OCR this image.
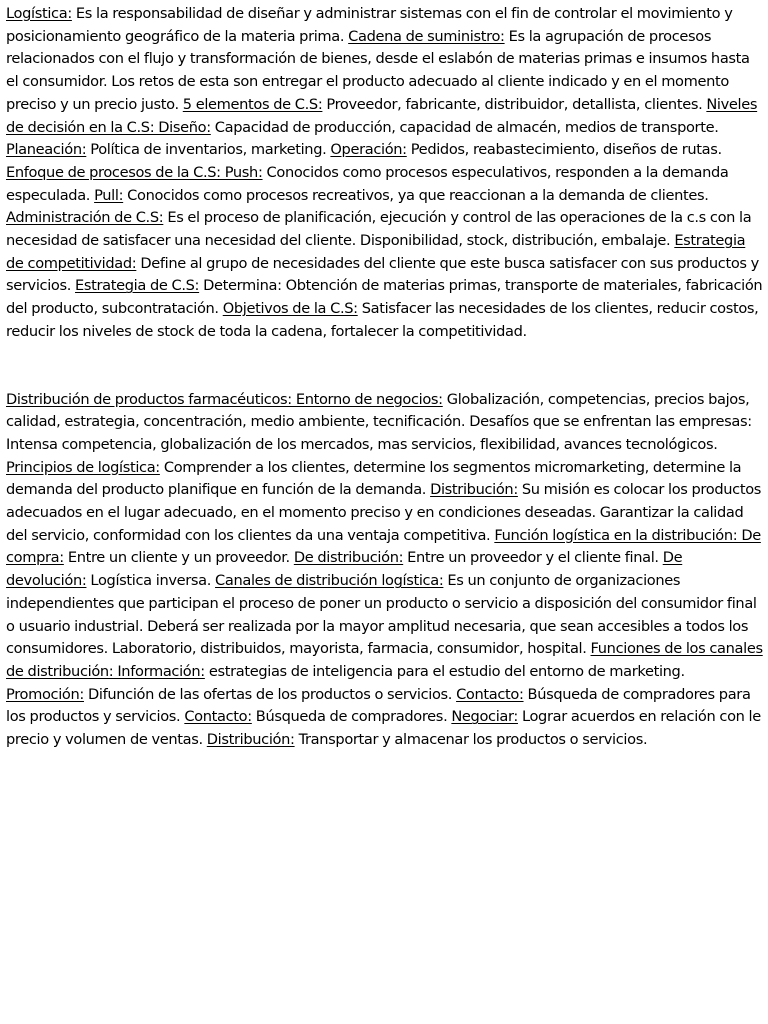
Logística: Es la responsabilidad de diseñar y administrar sistemas con el fin de controlar el movimiento y posicionamiento geográfico de la materia prima. Cadena de suministro: Es la agrupación de procesos relacionados con el flujo y transformación de bienes, desde el eslabón de materias primas e insumos hasta el consumidor. Los retos de esta son entregar el producto adecuado al cliente indicado y en el momento preciso y un precio justo. 5 elementos de C.S: Proveedor, fabricante, distribuidor, detallista, clientes. Niveles de decisión en la C.S: Diseño: Capacidad de producción, capacidad de almacén, medios de transporte. Planeación: Política de inventarios, marketing. Operación: Pedidos, reabastecimiento, diseños de rutas. Enfoque de procesos de la C.S: Push: Conocidos como procesos especulativos, responden a la demanda especulada. Pull: Conocidos como procesos recreativos, ya que reaccionan a la demanda de clientes. Administración de C.S: Es el proceso de planificación, ejecución y control de las operaciones de la c.s con la necesidad de satisfacer una necesidad del cliente. Disponibilidad, stock, distribución, embalaje. Estrategia de competitividad: Define al grupo de necesidades del cliente que este busca satisfacer con sus productos y servicios. Estrategia de C.S: Determina: Obtención de materias primas, transporte de materiales, fabricación del producto, subcontratación. Objetivos de la C.S: Satisfacer las necesidades de los clientes, reducir costos, reducir los niveles de stock de toda la cadena, fortalecer la competitividad.

Distribución de productos farmacéuticos: Entorno de negocios: Globalización, competencias, precios bajos, calidad, estrategia, concentración, medio ambiente, tecnificación. Desafíos que se enfrentan las empresas: Intensa competencia, globalización de los mercados, mas servicios, flexibilidad, avances tecnológicos. Principios de logística: Comprender a los clientes, determine los segmentos micromarketing, determine la demanda del producto planifique en función de la demanda. Distribución: Su misión es colocar los productos adecuados en el lugar adecuado, en el momento preciso y en condiciones deseadas. Garantizar la calidad del servicio, conformidad con los clientes da una ventaja competitiva. Función logística en la distribución: De compra: Entre un cliente y un proveedor. De distribución: Entre un proveedor y el cliente final. De devolución: Logística inversa. Canales de distribución logística: Es un conjunto de organizaciones independientes que participan el proceso de poner un producto o servicio a disposición del consumidor final o usuario industrial. Deberá ser realizada por la mayor amplitud necesaria, que sean accesibles a todos los consumidores. Laboratorio, distribuidos, mayorista, farmacia, consumidor, hospital. Funciones de los canales de distribución: Información: estrategias de inteligencia para el estudio del entorno de marketing. Promoción: Difunción de las ofertas de los productos o servicios. Contacto: Búsqueda de compradores para los productos y servicios. Contacto: Búsqueda de compradores. Negociar: Lograr acuerdos en relación con le precio y volumen de ventas. Distribución: Transportar y almacenar los productos o servicios.
